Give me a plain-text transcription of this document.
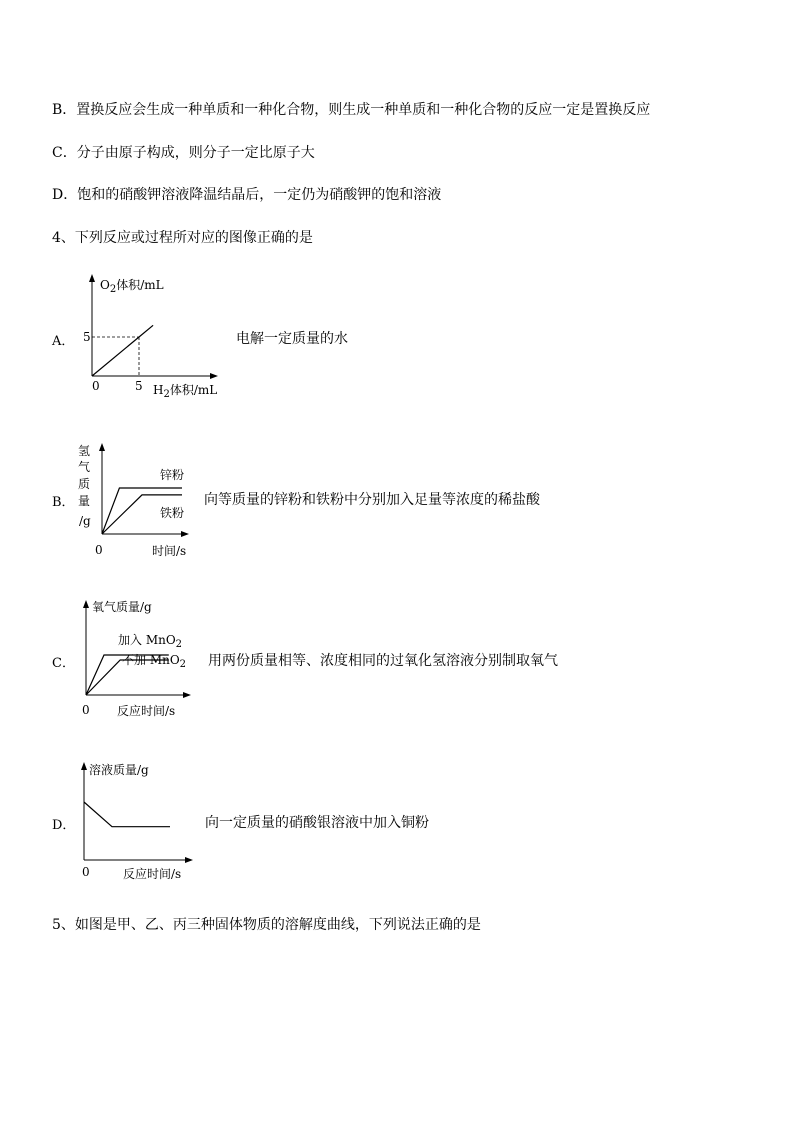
B．置换反应会生成一种单质和一种化合物，则生成一种单质和一种化合物的反应一定是置换反应
C．分子由原子构成，则分子一定比原子大
D．饱和的硝酸钾溶液降温结晶后，一定仍为硝酸钾的饱和溶液
4、下列反应或过程所对应的图像正确的是
A．	电解一定质量的水
$O_2$体积/mL
$H_2$体积/mL
0	5
5
B．	向等质量的锌粉和铁粉中分别加入足量等浓度的稀盐酸
氢
气
质
量
/g
0	时间/s
锌粉
铁粉
C．	用两份质量相等、浓度相同的过氧化氢溶液分别制取氧气
氧气质量/g
0 反应时间/s
加入 MnO$_2$
不加 MnO$_2$
D．	向一定质量的硝酸银溶液中加入铜粉
溶液质量/g
0	反应时间/s
5、如图是甲、乙、丙三种固体物质的溶解度曲线，下列说法正确的是
